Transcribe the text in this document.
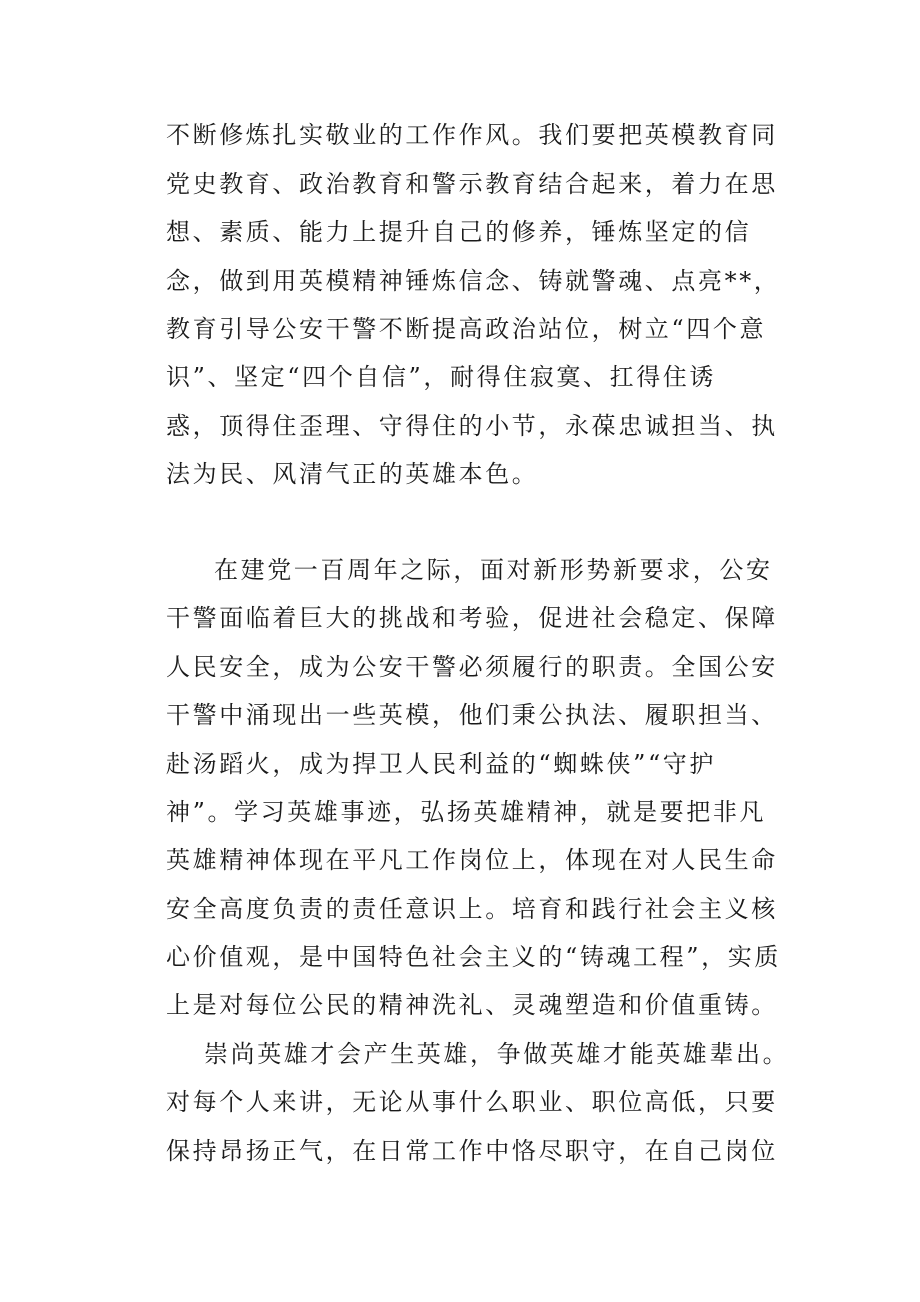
不断修炼扎实敬业的工作作风。我们要把英模教育同
党史教育、政治教育和警示教育结合起来，着力在思
想、素质、能力上提升自己的修养，锤炼坚定的信
念，做到用英模精神锤炼信念、铸就警魂、点亮**，
教育引导公安干警不断提高政治站位，树立“四个意
识”、坚定“四个自信”，耐得住寂寞、扛得住诱
惑，顶得住歪理、守得住的小节，永葆忠诚担当、执
法为民、风清气正的英雄本色。
在建党一百周年之际，面对新形势新要求，公安
干警面临着巨大的挑战和考验，促进社会稳定、保障
人民安全，成为公安干警必须履行的职责。全国公安
干警中涌现出一些英模，他们秉公执法、履职担当、
赴汤蹈火，成为捍卫人民利益的“蜘蛛侠”“守护
神”。学习英雄事迹，弘扬英雄精神，就是要把非凡
英雄精神体现在平凡工作岗位上，体现在对人民生命
安全高度负责的责任意识上。培育和践行社会主义核
心价值观，是中国特色社会主义的“铸魂工程”，实质
上是对每位公民的精神洗礼、灵魂塑造和价值重铸。
崇尚英雄才会产生英雄，争做英雄才能英雄辈出。
对每个人来讲，无论从事什么职业、职位高低，只要
保持昂扬正气，在日常工作中恪尽职守，在自己岗位
